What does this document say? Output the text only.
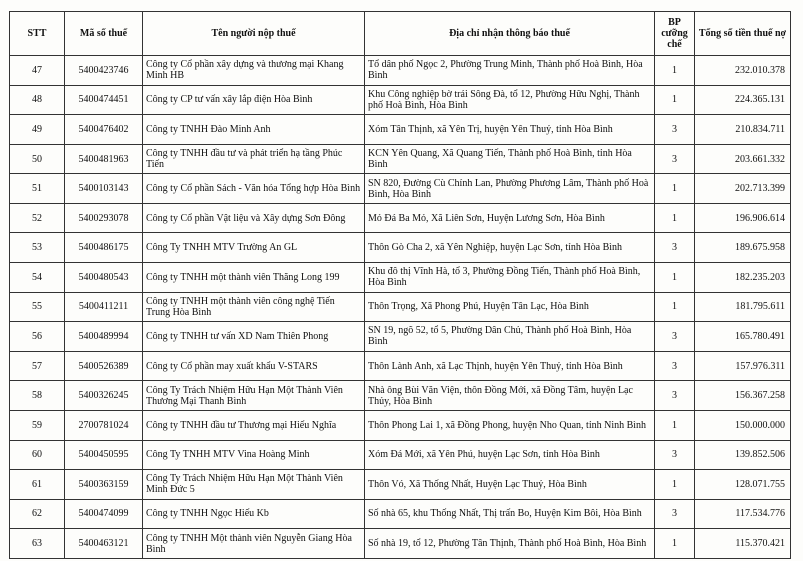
STT	Mã số thuế	Tên người nộp thuế	Địa chỉ nhận thông báo thuế	BP cưỡng chế	Tổng số tiền thuế nợ
47	5400423746	Công ty Cổ phần xây dựng và thương mại Khang Minh HB	Tổ dân phố Ngọc 2, Phường Trung Minh, Thành phố Hoà Bình, Hòa Bình	1	232.010.378
48	5400474451	Công ty CP tư vấn xây lắp điện Hòa Bình	Khu Công nghiệp bờ trái Sông Đà, tổ 12, Phường Hữu Nghị, Thành phố Hoà Bình, Hòa Bình	1	224.365.131
49	5400476402	Công ty TNHH Đào Minh Anh	Xóm Tân Thịnh, xã Yên Trị, huyện Yên Thuỷ, tỉnh Hòa Bình	3	210.834.711
50	5400481963	Công ty TNHH đầu tư và phát triển hạ tầng Phúc Tiến	KCN Yên Quang, Xã Quang Tiến, Thành phố Hoà Bình, tỉnh Hòa Bình	3	203.661.332
51	5400103143	Công ty Cổ phần Sách - Văn hóa Tổng hợp Hòa Bình	SN 820, Đường Cù Chính Lan, Phường Phương Lâm, Thành phố Hoà Bình, Hòa Bình	1	202.713.399
52	5400293078	Công ty Cổ phần Vật liệu và Xây dựng Sơn Đông	Mỏ Đá Ba Mỏ, Xã Liên Sơn, Huyện Lương Sơn, Hòa Bình	1	196.906.614
53	5400486175	Công Ty TNHH MTV Trường An GL	Thôn Gò Cha 2, xã Yên Nghiệp, huyện Lạc Sơn, tỉnh Hòa Bình	3	189.675.958
54	5400480543	Công ty TNHH một thành viên Thăng Long 199	Khu đô thị Vĩnh Hà, tổ 3, Phường Đồng Tiến, Thành phố Hoà Bình, Hòa Bình	1	182.235.203
55	5400411211	Công ty TNHH một thành viên công nghệ Tiến Trung Hòa Bình	Thôn Trọng, Xã Phong Phú, Huyện Tân Lạc, Hòa Bình	1	181.795.611
56	5400489994	Công ty TNHH tư vấn XD Nam Thiên Phong	SN 19, ngõ 52, tổ 5, Phường Dân Chủ, Thành phố Hoà Bình, Hòa Bình	3	165.780.491
57	5400526389	Công ty Cổ phần may xuất khẩu V-STARS	Thôn Lành Anh, xã Lạc Thịnh, huyện Yên Thuỷ, tỉnh Hòa Bình	3	157.976.311
58	5400326245	Công Ty Trách Nhiệm Hữu Hạn Một Thành Viên Thương Mại Thanh Bình	Nhà ông Bùi Văn Viện, thôn Đồng Mới, xã Đồng Tâm, huyện Lạc Thủy, Hòa Bình	3	156.367.258
59	2700781024	Công ty TNHH đầu tư Thương mại Hiếu Nghĩa	Thôn Phong Lai 1, xã Đồng Phong, huyện Nho Quan, tỉnh Ninh Bình	1	150.000.000
60	5400450595	Công Ty TNHH MTV Vina Hoàng Minh	Xóm Đá Mới, xã Yên Phú, huyện Lạc Sơn, tỉnh Hòa Bình	3	139.852.506
61	5400363159	Công Ty Trách Nhiệm Hữu Hạn Một Thành Viên Minh Đức 5	Thôn Vó, Xã Thống Nhất, Huyện Lạc Thuỷ, Hòa Bình	1	128.071.755
62	5400474099	Công ty TNHH Ngọc Hiếu Kb	Số nhà 65, khu Thống Nhất, Thị trấn Bo, Huyện Kim Bôi, Hòa Bình	3	117.534.776
63	5400463121	Công ty TNHH Một thành viên Nguyễn Giang Hòa Bình	Số nhà 19, tổ 12, Phường Tân Thịnh, Thành phố Hoà Bình, Hòa Bình	1	115.370.421
